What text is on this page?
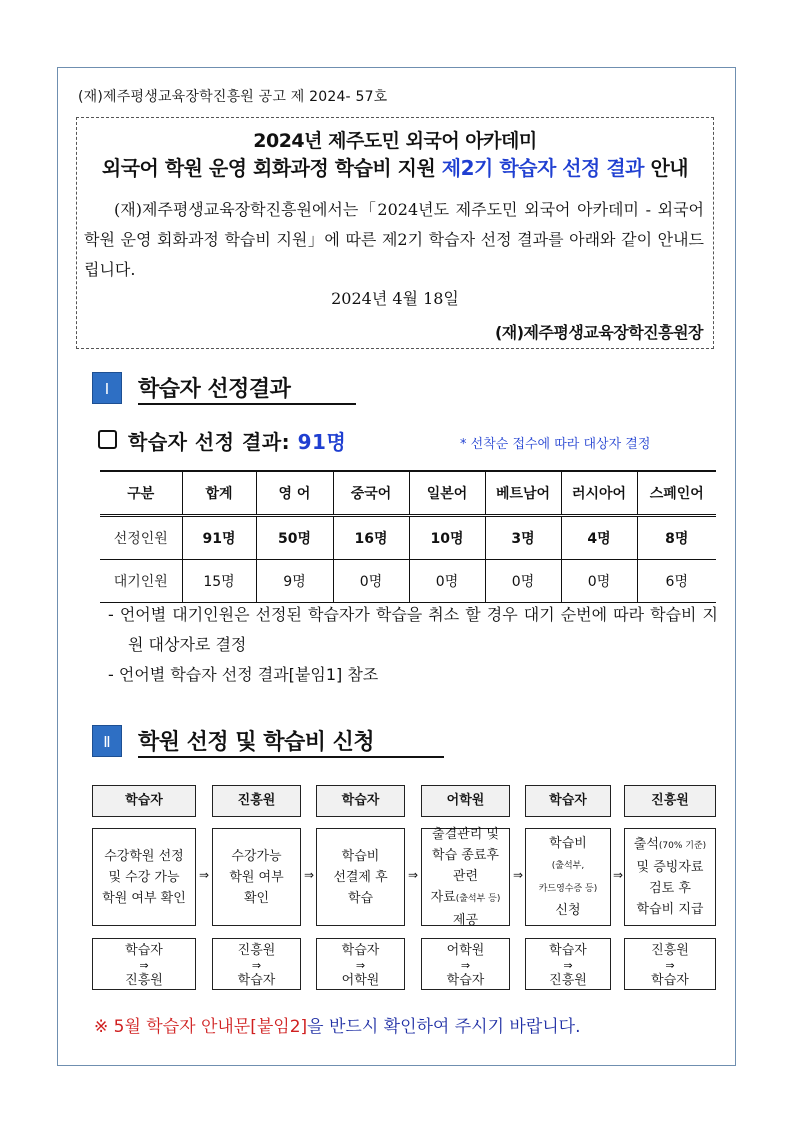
(재)제주평생교육장학진흥원 공고 제 2024- 57호
2024년 제주도민 외국어 아카데미
외국어 학원 운영 회화과정 학습비 지원 제2기 학습자 선정 결과 안내
(재)제주평생교육장학진흥원에서는「2024년도 제주도민 외국어 아카데미 - 외국어 학원 운영 회화과정 학습비 지원」에 따른 제2기 학습자 선정 결과를 아래와 같이 안내드립니다.
2024년 4월 18일
(재)제주평생교육장학진흥원장
Ⅰ	학습자 선정결과
학습자 선정 결과: 91명	* 선착순 접수에 따라 대상자 결정
구분	합계	영 어	중국어	일본어	베트남어	러시아어	스페인어
선정인원	91명	50명	16명	10명	3명	4명	8명
대기인원	15명	9명	0명	0명	0명	0명	6명
- 언어별 대기인원은 선정된 학습자가 학습을 취소 할 경우 대기 순번에 따라 학습비 지원 대상자로 결정
- 언어별 학습자 선정 결과[붙임1] 참조
Ⅱ	학원 선정 및 학습비 신청
학습자	진흥원	학습자	어학원	학습자	진흥원
수강학원 선정
및 수강 가능
학원 여부 확인
수강가능
학원 여부
확인
학습비
선결제 후
학습
출결관리 및
학습 종료후
관련
자료(출석부 등)
제공
학습비
(출석부,
카드영수증 등)
신청
출석(70% 기준)
및 증빙자료
검토 후
학습비 지급
⇒	⇒	⇒	⇒	⇒
학습자
⇒
진흥원
진흥원
⇒
학습자
학습자
⇒
어학원
어학원
⇒
학습자
학습자
⇒
진흥원
진흥원
⇒
학습자
※ 5월 학습자 안내문[붙임2]을 반드시 확인하여 주시기 바랍니다.
